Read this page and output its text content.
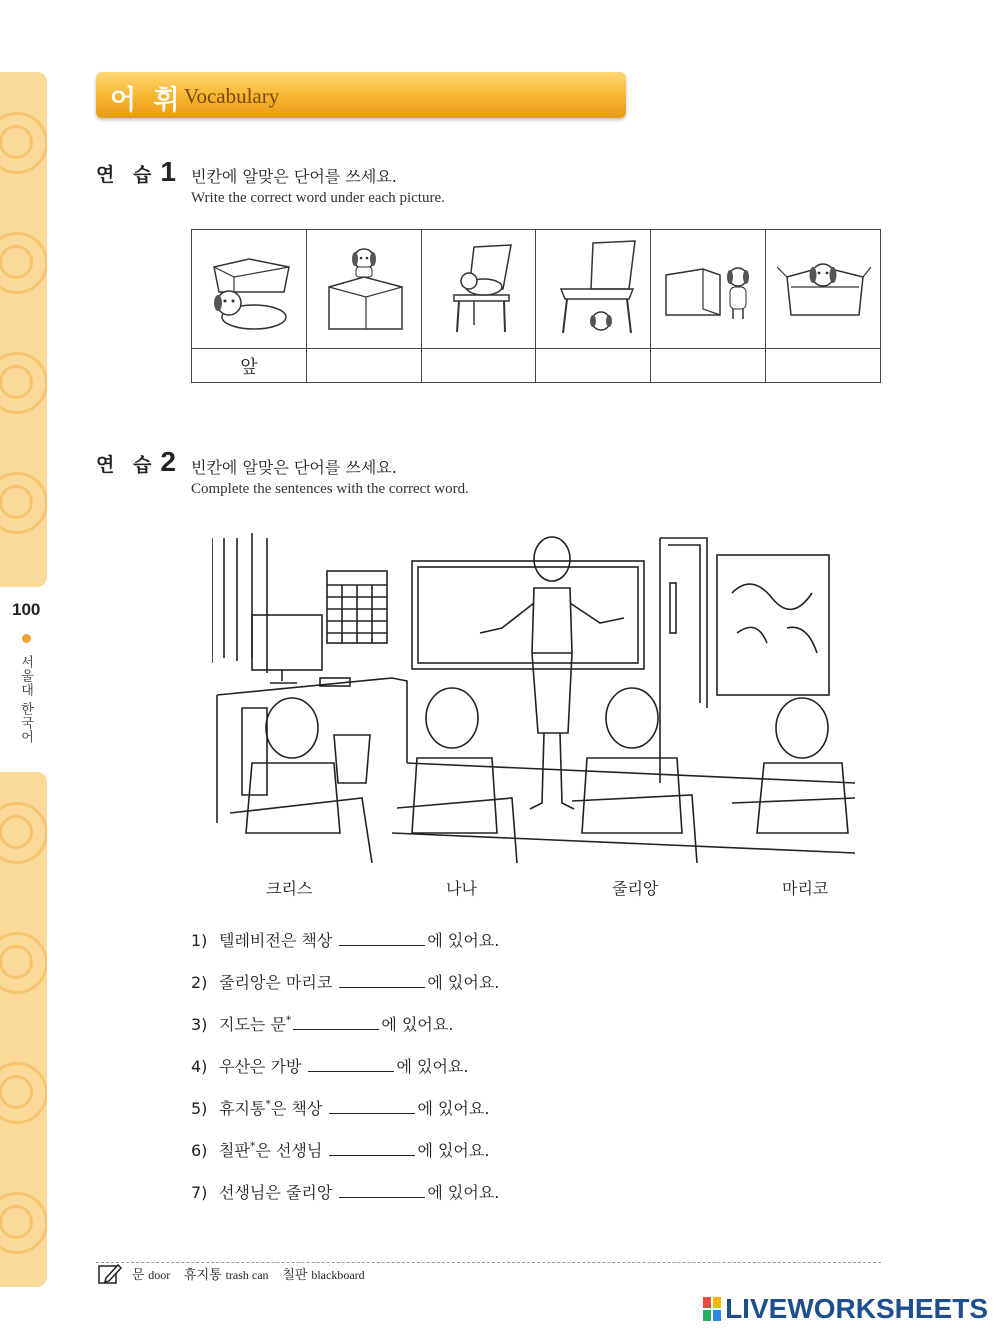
100
서울대 한국어
어 휘 Vocabulary
연 습 1 빈칸에 알맞은 단어를 쓰세요.
Write the correct word under each picture.

앞					
연 습 2 빈칸에 알맞은 단어를 쓰세요.
Complete the sentences with the correct word.
크리스	나나	줄리앙	마리코
1) 텔레비전은 책상	에 있어요.
2) 줄리앙은 마리코	에 있어요.
3) 지도는 문*	에 있어요.
4) 우산은 가방	에 있어요.
5) 휴지통*은 책상	에 있어요.
6) 칠판*은 선생님	에 있어요.
7) 선생님은 줄리앙	에 있어요.
문 door 휴지통 trash can 칠판 blackboard
LIVEWORKSHEETS
